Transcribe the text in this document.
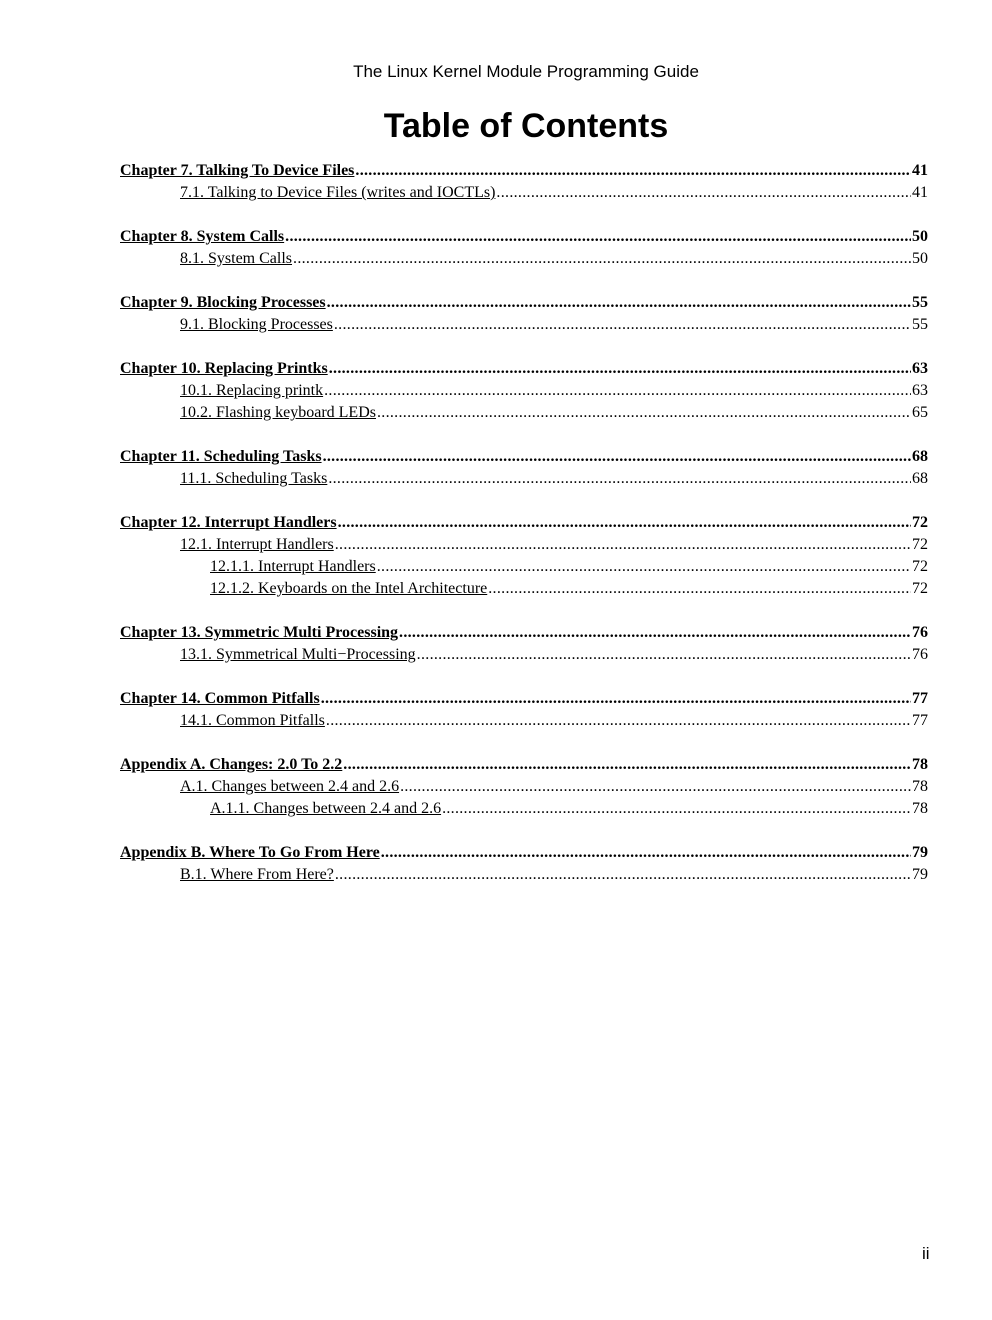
The Linux Kernel Module Programming Guide
Table of Contents
Chapter 7. Talking To Device Files .....	41
7.1. Talking to Device Files (writes and IOCTLs) .....	41
Chapter 8. System Calls .....	50
8.1. System Calls .....	50
Chapter 9. Blocking Processes .....	55
9.1. Blocking Processes .....	55
Chapter 10. Replacing Printks .....	63
10.1. Replacing printk .....	63
10.2. Flashing keyboard LEDs .....	65
Chapter 11. Scheduling Tasks .....	68
11.1. Scheduling Tasks .....	68
Chapter 12. Interrupt Handlers .....	72
12.1. Interrupt Handlers .....	72
12.1.1. Interrupt Handlers .....	72
12.1.2. Keyboards on the Intel Architecture .....	72
Chapter 13. Symmetric Multi Processing .....	76
13.1. Symmetrical Multi−Processing .....	76
Chapter 14. Common Pitfalls .....	77
14.1. Common Pitfalls .....	77
Appendix A. Changes: 2.0 To 2.2 .....	78
A.1. Changes between 2.4 and 2.6 .....	78
A.1.1. Changes between 2.4 and 2.6 .....	78
Appendix B. Where To Go From Here .....	79
B.1. Where From Here? .....	79
ii
